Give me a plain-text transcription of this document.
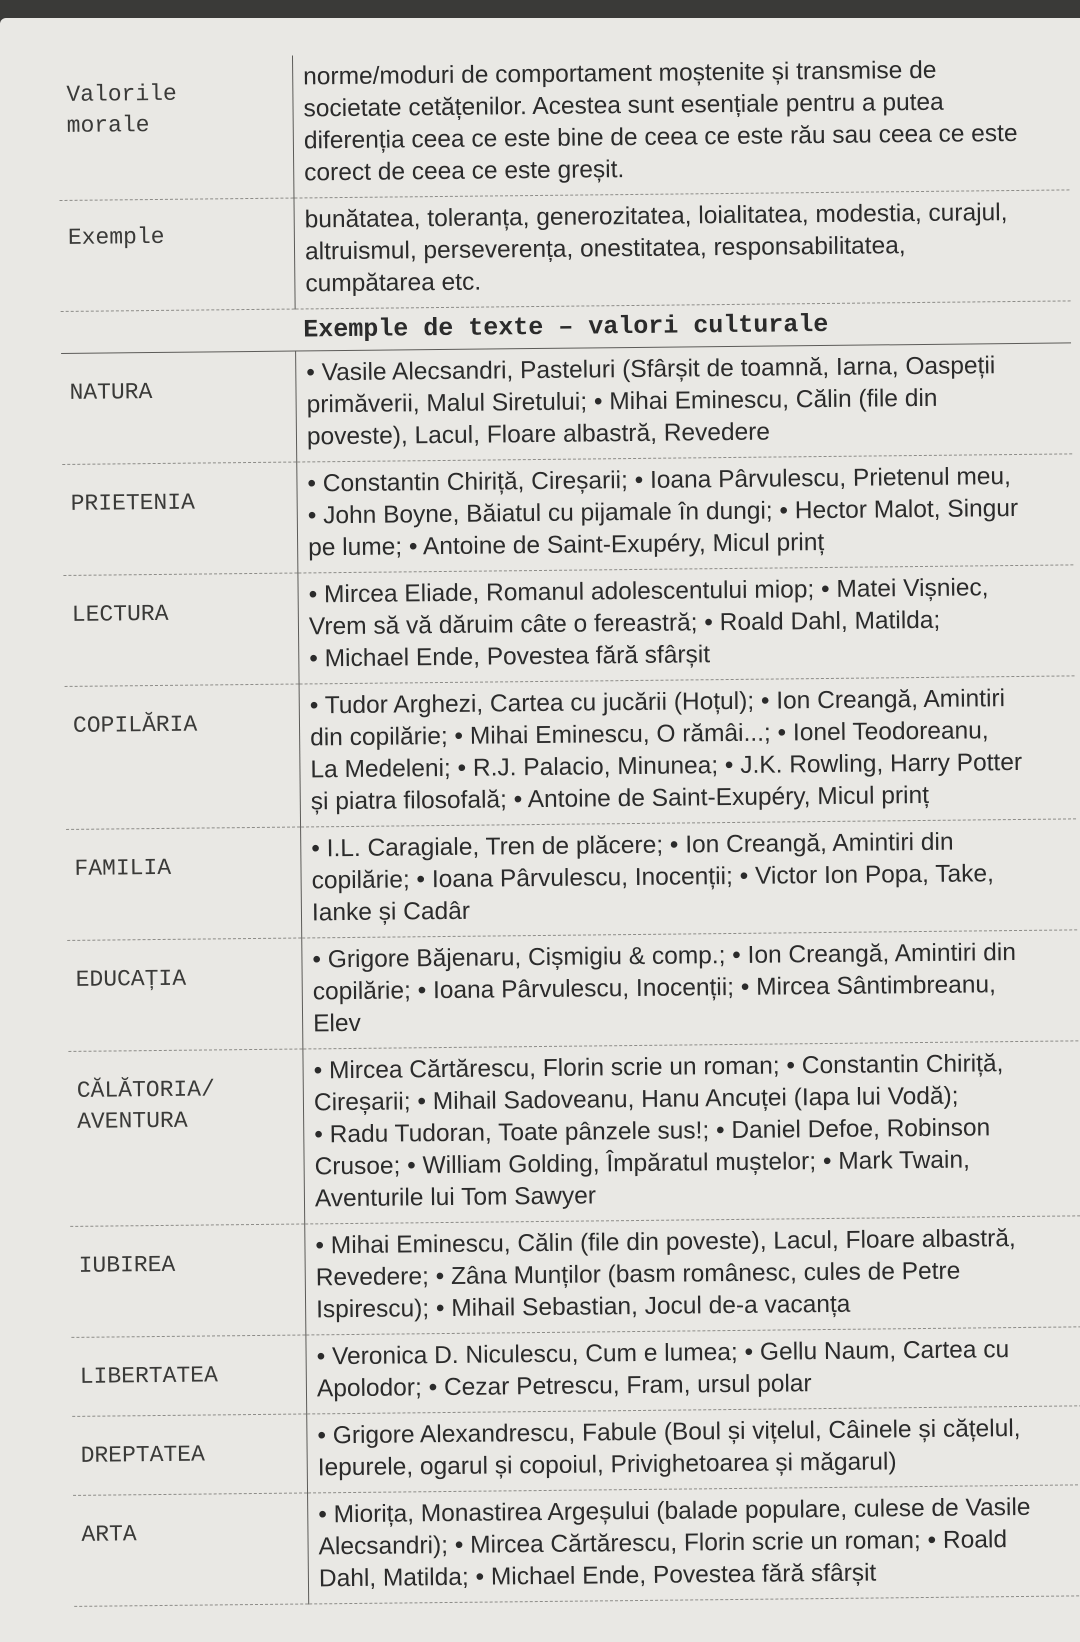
Valorile
morale	norme/moduri de comportament moștenite și transmise de
societate cetățenilor. Acestea sunt esențiale pentru a putea
diferenția ceea ce este bine de ceea ce este rău sau ceea ce este
corect de ceea ce este greșit.

Exemple	bunătatea, toleranța, generozitatea, loialitatea, modestia, curajul,
altruismul, perseverența, onestitatea, responsabilitatea,
cumpătarea etc.

Exemple de texte – valori culturale	

NATURA	• Vasile Alecsandri, Pasteluri (Sfârșit de toamnă, Iarna, Oaspeții
primăverii, Malul Siretului; • Mihai Eminescu, Călin (file din
poveste), Lacul, Floare albastră, Revedere

PRIETENIA	• Constantin Chiriță, Cireșarii; • Ioana Pârvulescu, Prietenul meu,
• John Boyne, Băiatul cu pijamale în dungi; • Hector Malot, Singur
pe lume; • Antoine de Saint-Exupéry, Micul prinț

LECTURA	• Mircea Eliade, Romanul adolescentului miop; • Matei Vișniec,
Vrem să vă dăruim câte o fereastră; • Roald Dahl, Matilda;
• Michael Ende, Povestea fără sfârșit

COPILĂRIA	• Tudor Arghezi, Cartea cu jucării (Hoțul); • Ion Creangă, Amintiri
din copilărie; • Mihai Eminescu, O rămâi...; • Ionel Teodoreanu,
La Medeleni; • R.J. Palacio, Minunea; • J.K. Rowling, Harry Potter
și piatra filosofală; • Antoine de Saint-Exupéry, Micul prinț

FAMILIA	• I.L. Caragiale, Tren de plăcere; • Ion Creangă, Amintiri din
copilărie; • Ioana Pârvulescu, Inocenții; • Victor Ion Popa, Take,
Ianke și Cadâr

EDUCAȚIA	• Grigore Băjenaru, Cișmigiu & comp.; • Ion Creangă, Amintiri din
copilărie; • Ioana Pârvulescu, Inocenții; • Mircea Sântimbreanu,
Elev

CĂLĂTORIA/
AVENTURA	• Mircea Cărtărescu, Florin scrie un roman; • Constantin Chiriță,
Cireșarii; • Mihail Sadoveanu, Hanu Ancuței (Iapa lui Vodă);
• Radu Tudoran, Toate pânzele sus!; • Daniel Defoe, Robinson
Crusoe; • William Golding, Împăratul muștelor; • Mark Twain,
Aventurile lui Tom Sawyer

IUBIREA	• Mihai Eminescu, Călin (file din poveste), Lacul, Floare albastră,
Revedere; • Zâna Munților (basm românesc, cules de Petre
Ispirescu); • Mihail Sebastian, Jocul de-a vacanța

LIBERTATEA	• Veronica D. Niculescu, Cum e lumea; • Gellu Naum, Cartea cu
Apolodor; • Cezar Petrescu, Fram, ursul polar

DREPTATEA	• Grigore Alexandrescu, Fabule (Boul și vițelul, Câinele și cățelul,
Iepurele, ogarul și copoiul, Privighetoarea și măgarul)

ARTA	• Miorița, Monastirea Argeșului (balade populare, culese de Vasile
Alecsandri); • Mircea Cărtărescu, Florin scrie un roman; • Roald
Dahl, Matilda; • Michael Ende, Povestea fără sfârșit
